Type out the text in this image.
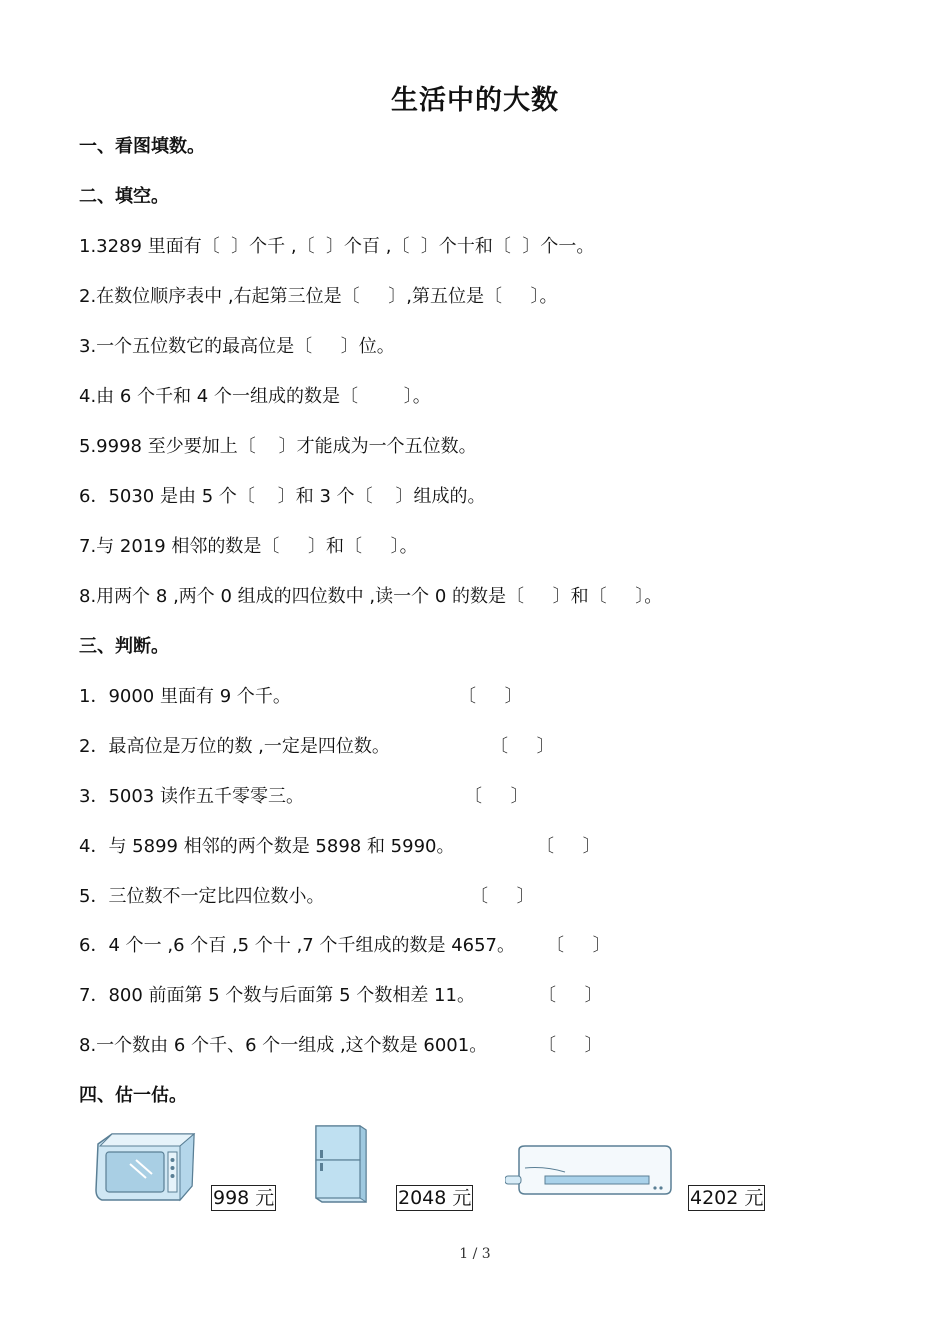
生活中的大数
一、看图填数。
二、填空。
1.3289 里面有〔  〕个千 ,〔  〕个百 ,〔  〕个十和〔  〕个一。
2.在数位顺序表中 ,右起第三位是〔     〕,第五位是〔     〕。
3.一个五位数它的最高位是〔     〕位。
4.由 6 个千和 4 个一组成的数是〔        〕。
5.9998 至少要加上〔    〕才能成为一个五位数。
6．5030 是由 5 个〔    〕和 3 个〔    〕组成的。
7.与 2019 相邻的数是〔     〕和〔     〕。
8.用两个 8 ,两个 0 组成的四位数中 ,读一个 0 的数是〔     〕和〔     〕。
三、判断。
1．9000 里面有 9 个千。	〔     〕
2．最高位是万位的数 ,一定是四位数。	〔     〕
3．5003 读作五千零零三。	〔     〕
4．与 5899 相邻的两个数是 5898 和 5990。	〔     〕
5．三位数不一定比四位数小。	〔     〕
6．4 个一 ,6 个百 ,5 个十 ,7 个千组成的数是 4657。 〔     〕
7．800 前面第 5 个数与后面第 5 个数相差 11。	〔     〕
8.一个数由 6 个千、6 个一组成 ,这个数是 6001。	〔     〕
四、估一估。
998 元	2048 元	4202 元
1 / 3
